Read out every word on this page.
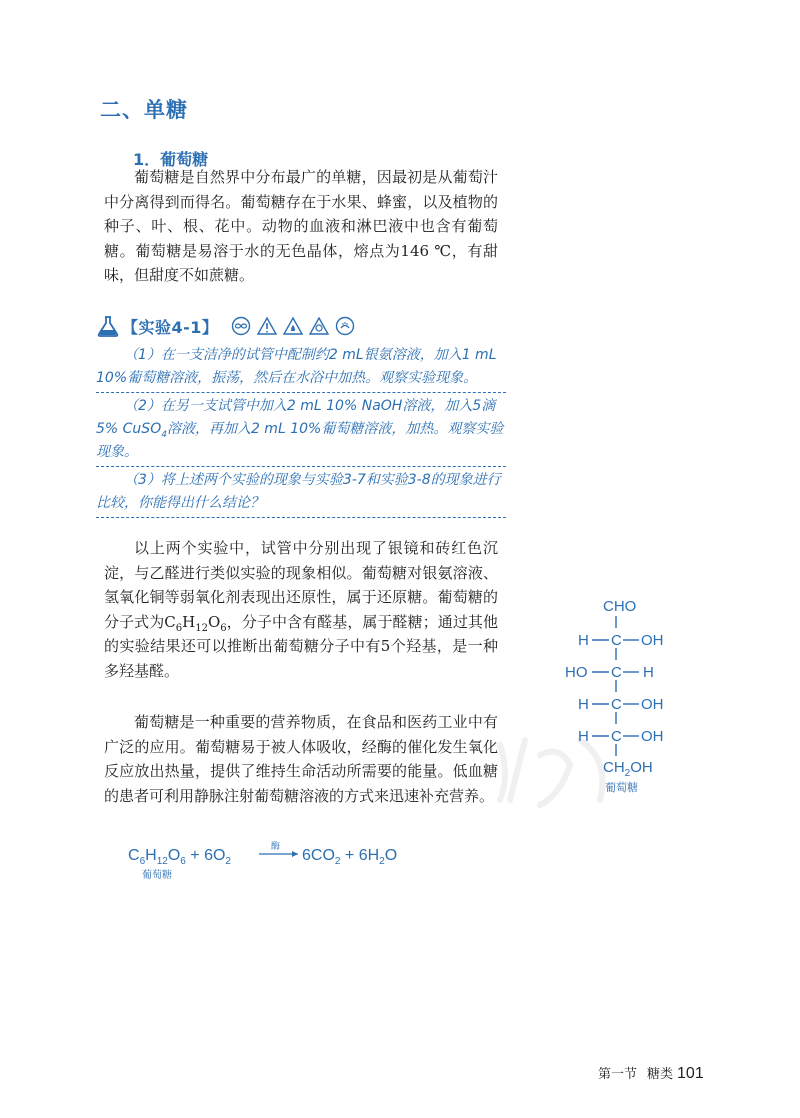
二、单糖
1．葡萄糖

葡萄糖是自然界中分布最广的单糖，因最初是从葡萄汁中分离得到而得名。葡萄糖存在于水果、蜂蜜，以及植物的种子、叶、根、花中。动物的血液和淋巴液中也含有葡萄糖。葡萄糖是易溶于水的无色晶体，熔点为146 ℃，有甜味，但甜度不如蔗糖。

【实验4-1】

（1）在一支洁净的试管中配制约2 mL银氨溶液，加入1 mL 10%葡萄糖溶液，振荡，然后在水浴中加热。观察实验现象。

（2）在另一支试管中加入2 mL 10% NaOH溶液，加入5滴5% CuSO$_4$溶液，再加入2 mL 10%葡萄糖溶液，加热。观察实验现象。

（3）将上述两个实验的现象与实验3-7和实验3-8的现象进行比较，你能得出什么结论？

以上两个实验中，试管中分别出现了银镜和砖红色沉淀，与乙醛进行类似实验的现象相似。葡萄糖对银氨溶液、氢氧化铜等弱氧化剂表现出还原性，属于还原糖。葡萄糖的分子式为$C_6H_{12}O_6$，分子中含有醛基，属于醛糖；通过其他的实验结果还可以推断出葡萄糖分子中有5个羟基，是一种多羟基醛。

葡萄糖是一种重要的营养物质，在食品和医药工业中有广泛的应用。葡萄糖易于被人体吸收，经酶的催化发生氧化反应放出热量，提供了维持生命活动所需要的能量。低血糖的患者可利用静脉注射葡萄糖溶液的方式来迅速补充营养。

CHO
H C OH
HO C H
H C OH
H C OH
$CH_2OH$
葡萄糖
$C_6H_{12}O_6 + 6O_2$
酶
$6CO_2 + 6H_2O$
葡萄糖
第一节 糖类 101
